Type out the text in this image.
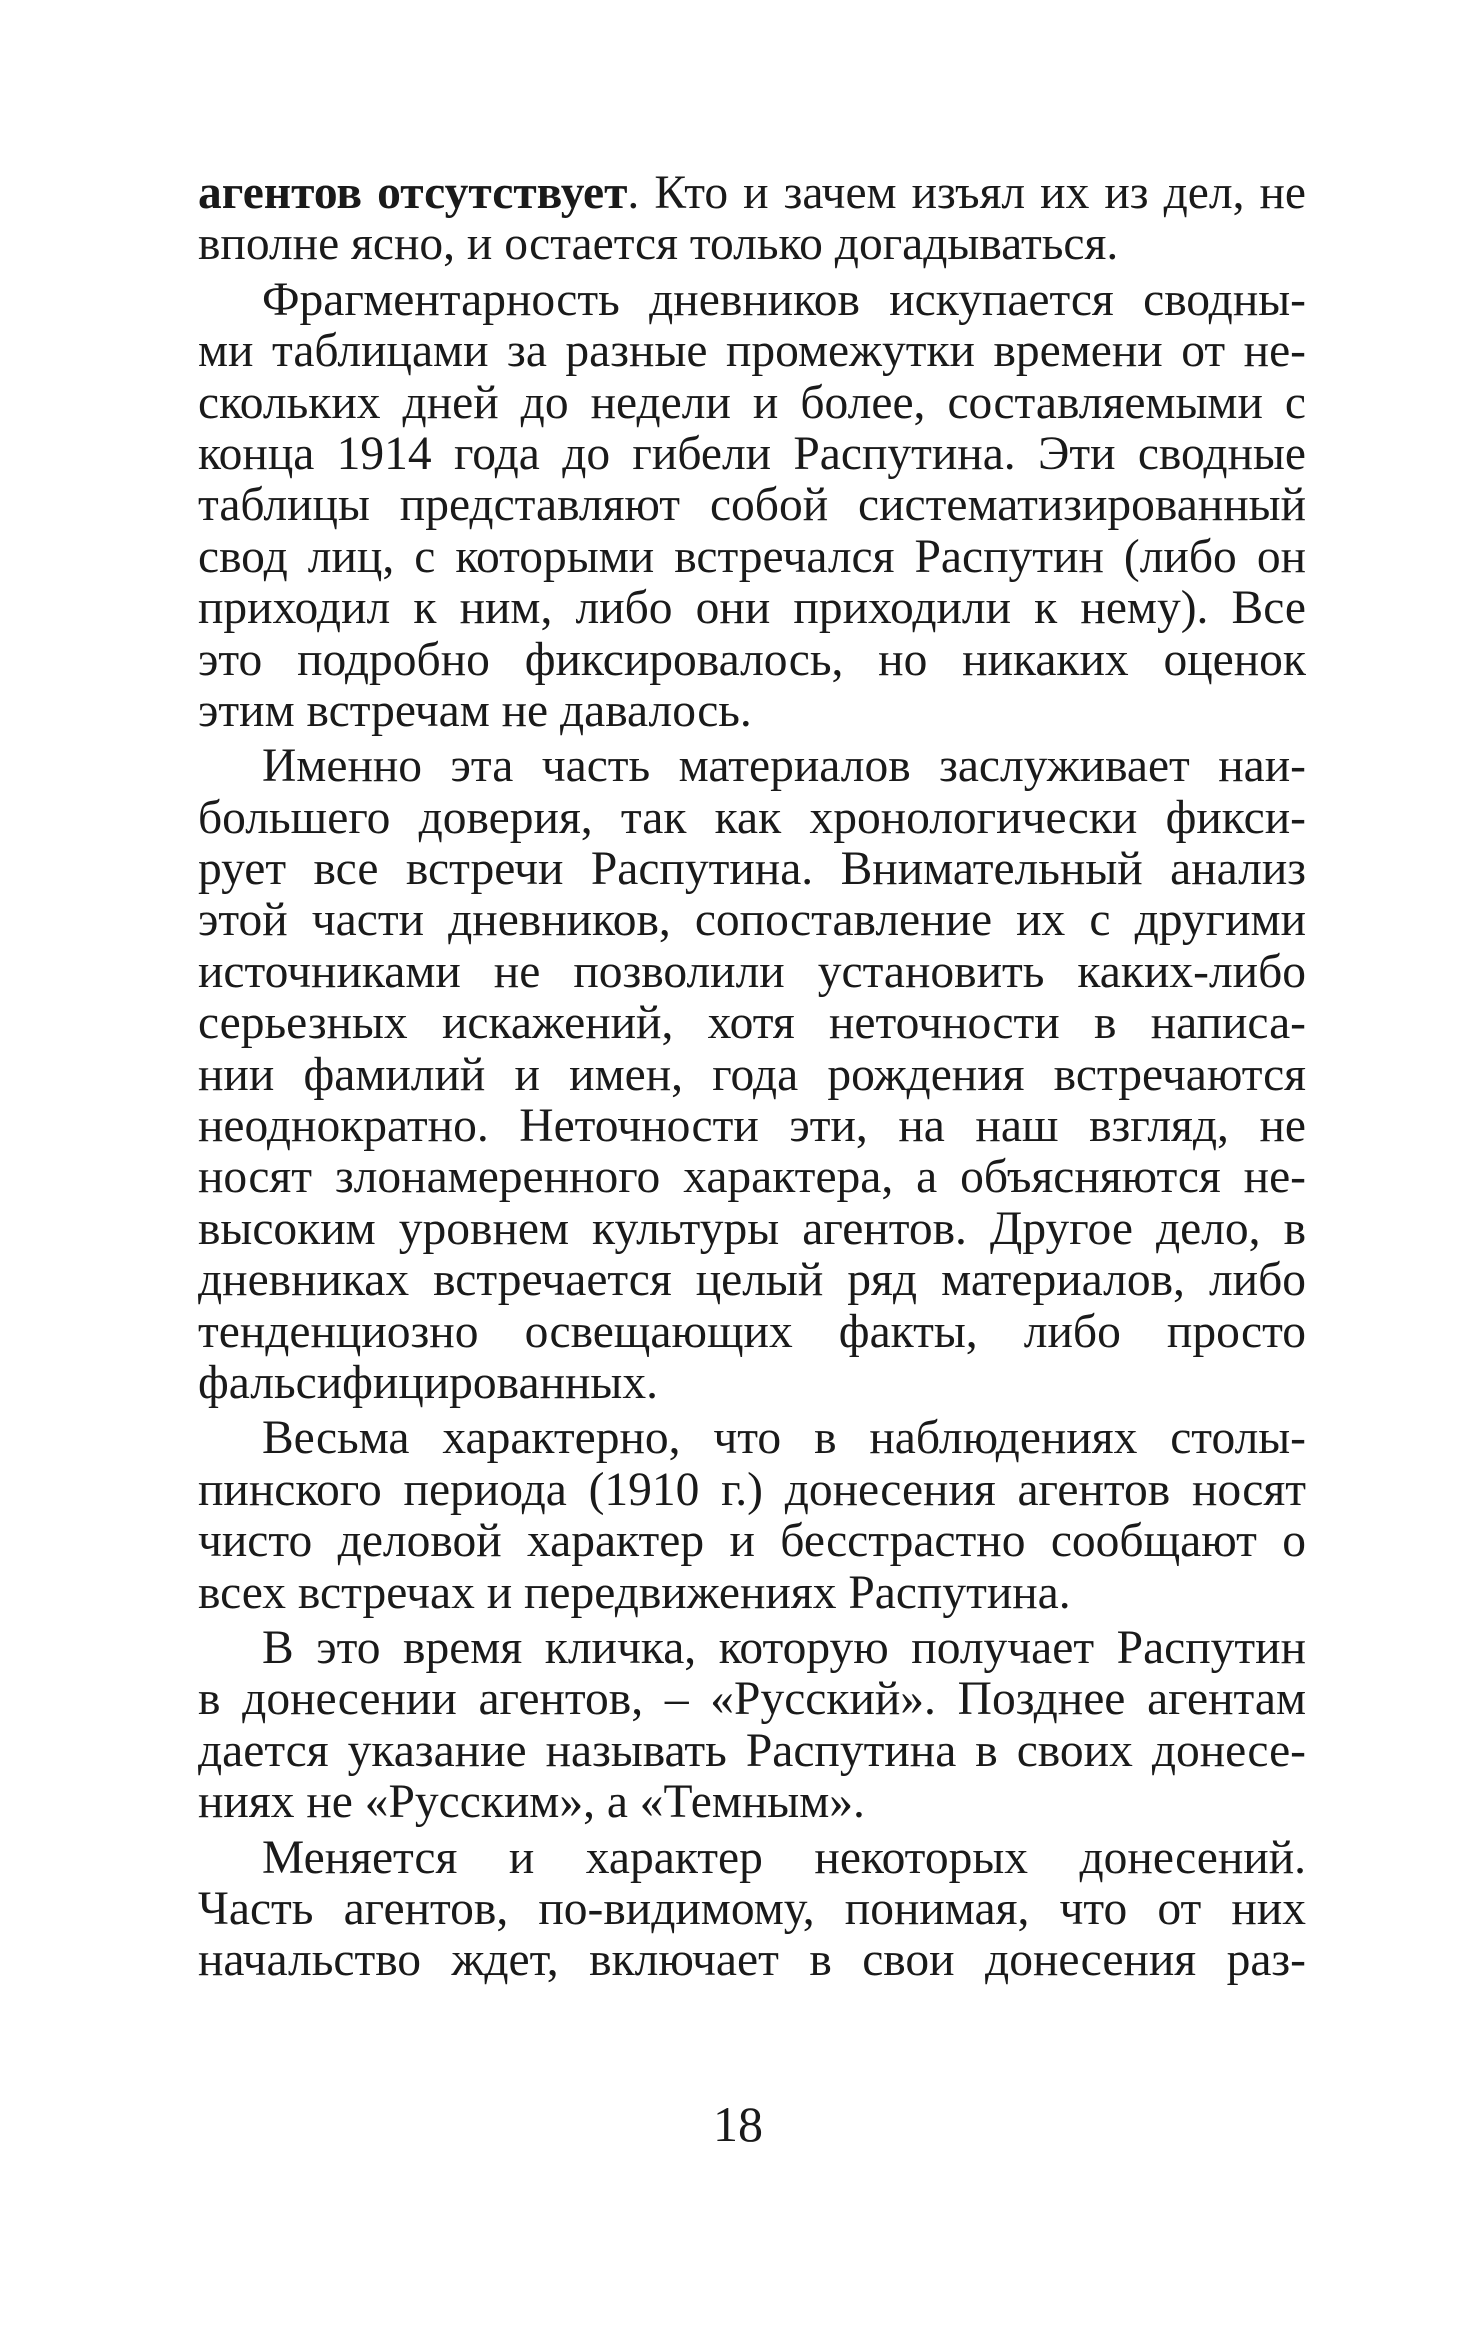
агентов отсутствует. Кто и зачем изъял их из дел, не
вполне ясно, и остается только догадываться.
Фрагментарность дневников искупается сводны-
ми таблицами за разные промежутки времени от не-
скольких дней до недели и более, составляемыми с
конца 1914 года до гибели Распутина. Эти сводные
таблицы представляют собой систематизированный
свод лиц, с которыми встречался Распутин (либо он
приходил к ним, либо они приходили к нему). Все
это подробно фиксировалось, но никаких оценок
этим встречам не давалось.
Именно эта часть материалов заслуживает наи-
большего доверия, так как хронологически фикси-
рует все встречи Распутина. Внимательный анализ
этой части дневников, сопоставление их с другими
источниками не позволили установить каких-либо
серьезных искажений, хотя неточности в написа-
нии фамилий и имен, года рождения встречаются
неоднократно. Неточности эти, на наш взгляд, не
носят злонамеренного характера, а объясняются не-
высоким уровнем культуры агентов. Другое дело, в
дневниках встречается целый ряд материалов, либо
тенденциозно освещающих факты, либо просто
фальсифицированных.
Весьма характерно, что в наблюдениях столы-
пинского периода (1910 г.) донесения агентов носят
чисто деловой характер и бесстрастно сообщают о
всех встречах и передвижениях Распутина.
В это время кличка, которую получает Распутин
в донесении агентов, – «Русский». Позднее агентам
дается указание называть Распутина в своих донесе-
ниях не «Русским», а «Темным».
Меняется и характер некоторых донесений.
Часть агентов, по-видимому, понимая, что от них
начальство ждет, включает в свои донесения раз-
18
